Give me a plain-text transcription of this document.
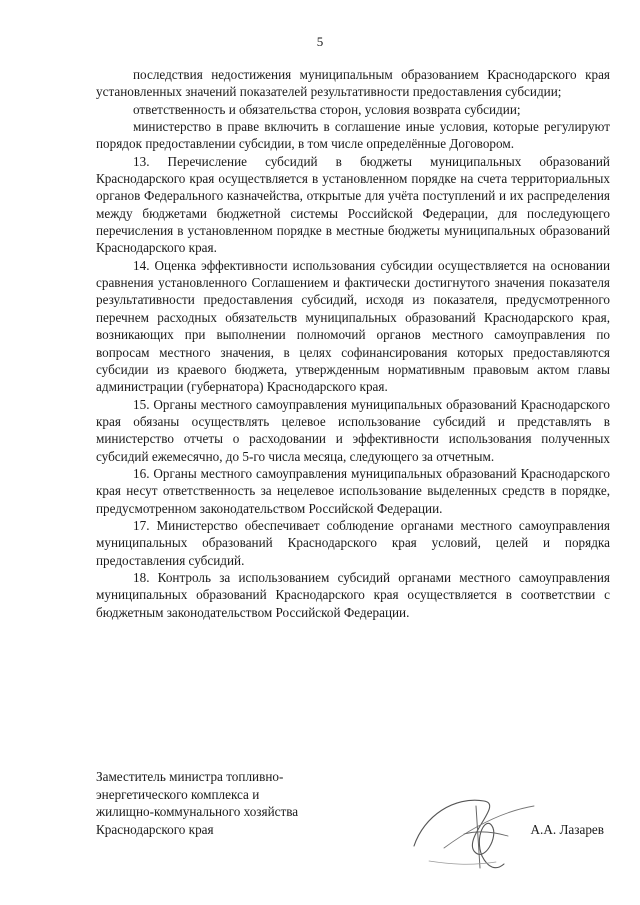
5

последствия недостижения муниципальным образованием Краснодарского края установленных значений показателей результативности предоставления субсидии;

ответственность и обязательства сторон, условия возврата субсидии;

министерство в праве включить в соглашение иные условия, которые регулируют порядок предоставлении субсидии, в том числе определённые Договором.

13. Перечисление субсидий в бюджеты муниципальных образований Краснодарского края осуществляется в установленном порядке на счета территориальных органов Федерального казначейства, открытые для учёта поступлений и их распределения между бюджетами бюджетной системы Российской Федерации, для последующего перечисления в установленном порядке в местные бюджеты муниципальных образований Краснодарского края.

14. Оценка эффективности использования субсидии осуществляется на основании сравнения установленного Соглашением и фактически достигнутого значения показателя результативности предоставления субсидий, исходя из показателя, предусмотренного перечнем расходных обязательств муниципальных образований Краснодарского края, возникающих при выполнении полномочий органов местного самоуправления по вопросам местного значения, в целях софинансирования которых предоставляются субсидии из краевого бюджета, утвержденным нормативным правовым актом главы администрации (губернатора) Краснодарского края.

15. Органы местного самоуправления муниципальных образований Краснодарского края обязаны осуществлять целевое использование субсидий и представлять в министерство отчеты о расходовании и эффективности использования полученных субсидий ежемесячно, до 5-го числа месяца, следующего за отчетным.

16. Органы местного самоуправления муниципальных образований Краснодарского края несут ответственность за нецелевое использование выделенных средств в порядке, предусмотренном законодательством Российской Федерации.

17. Министерство обеспечивает соблюдение органами местного самоуправления муниципальных образований Краснодарского края условий, целей и порядка предоставления субсидий.

18. Контроль за использованием субсидий органами местного самоуправления муниципальных образований Краснодарского края осуществляется в соответствии с бюджетным законодательством Российской Федерации.

Заместитель министра топливно-
энергетического комплекса и
жилищно-коммунального хозяйства
Краснодарского края	А.А. Лазарев
